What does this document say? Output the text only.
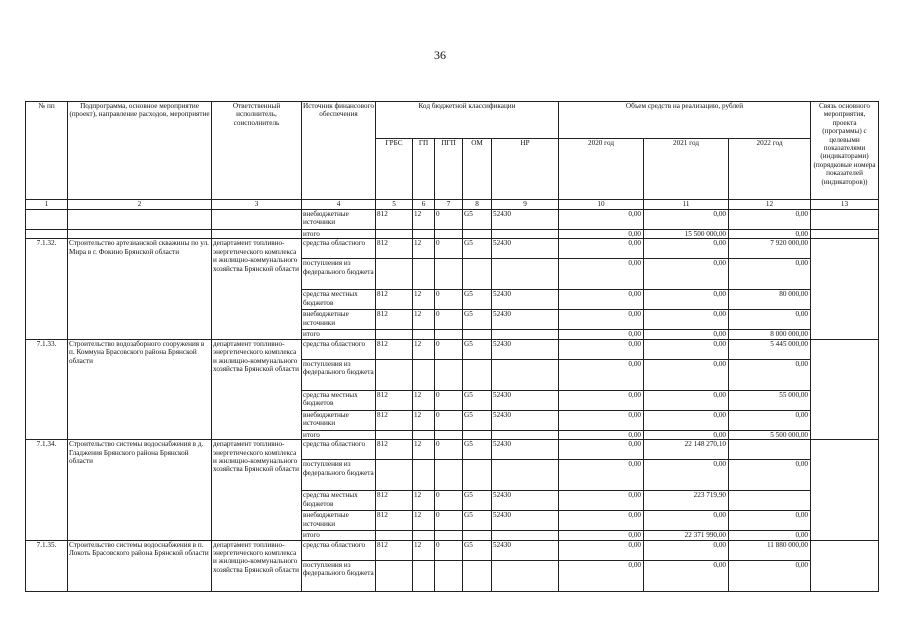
36
№ пп	Подпрограмма, основное мероприятие (проект), направление расходов, мероприятие	Ответственный исполнитель, соисполнитель	Источник финансового обеспечения	Код бюджетной классификации					Объем средств на реализацию, рублей			Связь основного мероприятия, проекта (программы) с целевыми показателями (индикаторами) (порядковые номера показателей (индикаторов))
				ГРБС	ГП	ПГП	ОМ	НР	2020 год	2021 год	2022 год	
1	2	3	4	5	6	7	8	9	10	11	12	13
			внебюджетные источники	812	12	0	G5	52430	0,00	0,00	0,00	
			итого						0,00	15 500 000,00	0,00	
7.1.32.	Строительство артезианской скважины по ул. Мира в г. Фокино Брянской области	департамент топливно-энергетического комплекса и жилищно-коммунального хозяйства Брянской области	средства областного	812	12	0	G5	52430	0,00	0,00	7 920 000,00	
			поступления из федерального бюджета						0,00	0,00	0,00	
			средства местных бюджетов	812	12	0	G5	52430	0,00	0,00	80 000,00	
			внебюджетные источники	812	12	0	G5	52430	0,00	0,00	0,00	
			итого						0,00	0,00	8 000 000,00	
7.1.33.	Строительство водозаборного сооружения в п. Коммуна Брасовского района Брянской области	департамент топливно-энергетического комплекса и жилищно-коммунального хозяйства Брянской области	средства областного	812	12	0	G5	52430	0,00	0,00	5 445 000,00	
			поступления из федерального бюджета						0,00	0,00	0,00	
			средства местных бюджетов	812	12	0	G5	52430	0,00	0,00	55 000,00	
			внебюджетные источники	812	12	0	G5	52430	0,00	0,00	0,00	
			итого						0,00	0,00	5 500 000,00	
7.1.34.	Строительство системы водоснабжения в д. Гладжения Брянского района Брянской области	департамент топливно-энергетического комплекса и жилищно-коммунального хозяйства Брянской области	средства областного	812	12	0	G5	52430	0,00	22 148 270,10		
			поступления из федерального бюджета						0,00	0,00	0,00	
			средства местных бюджетов	812	12	0	G5	52430	0,00	223 719,90		
			внебюджетные источники	812	12	0	G5	52430	0,00	0,00	0,00	
			итого						0,00	22 371 990,00	0,00	
7.1.35.	Строительство системы водоснабжения в п. Локоть Брасовского района Брянской области	департамент топливно-энергетического комплекса и жилищно-коммунального хозяйства Брянской области	средства областного	812	12	0	G5	52430	0,00	0,00	11 880 000,00	
			поступления из федерального бюджета						0,00	0,00	0,00	
